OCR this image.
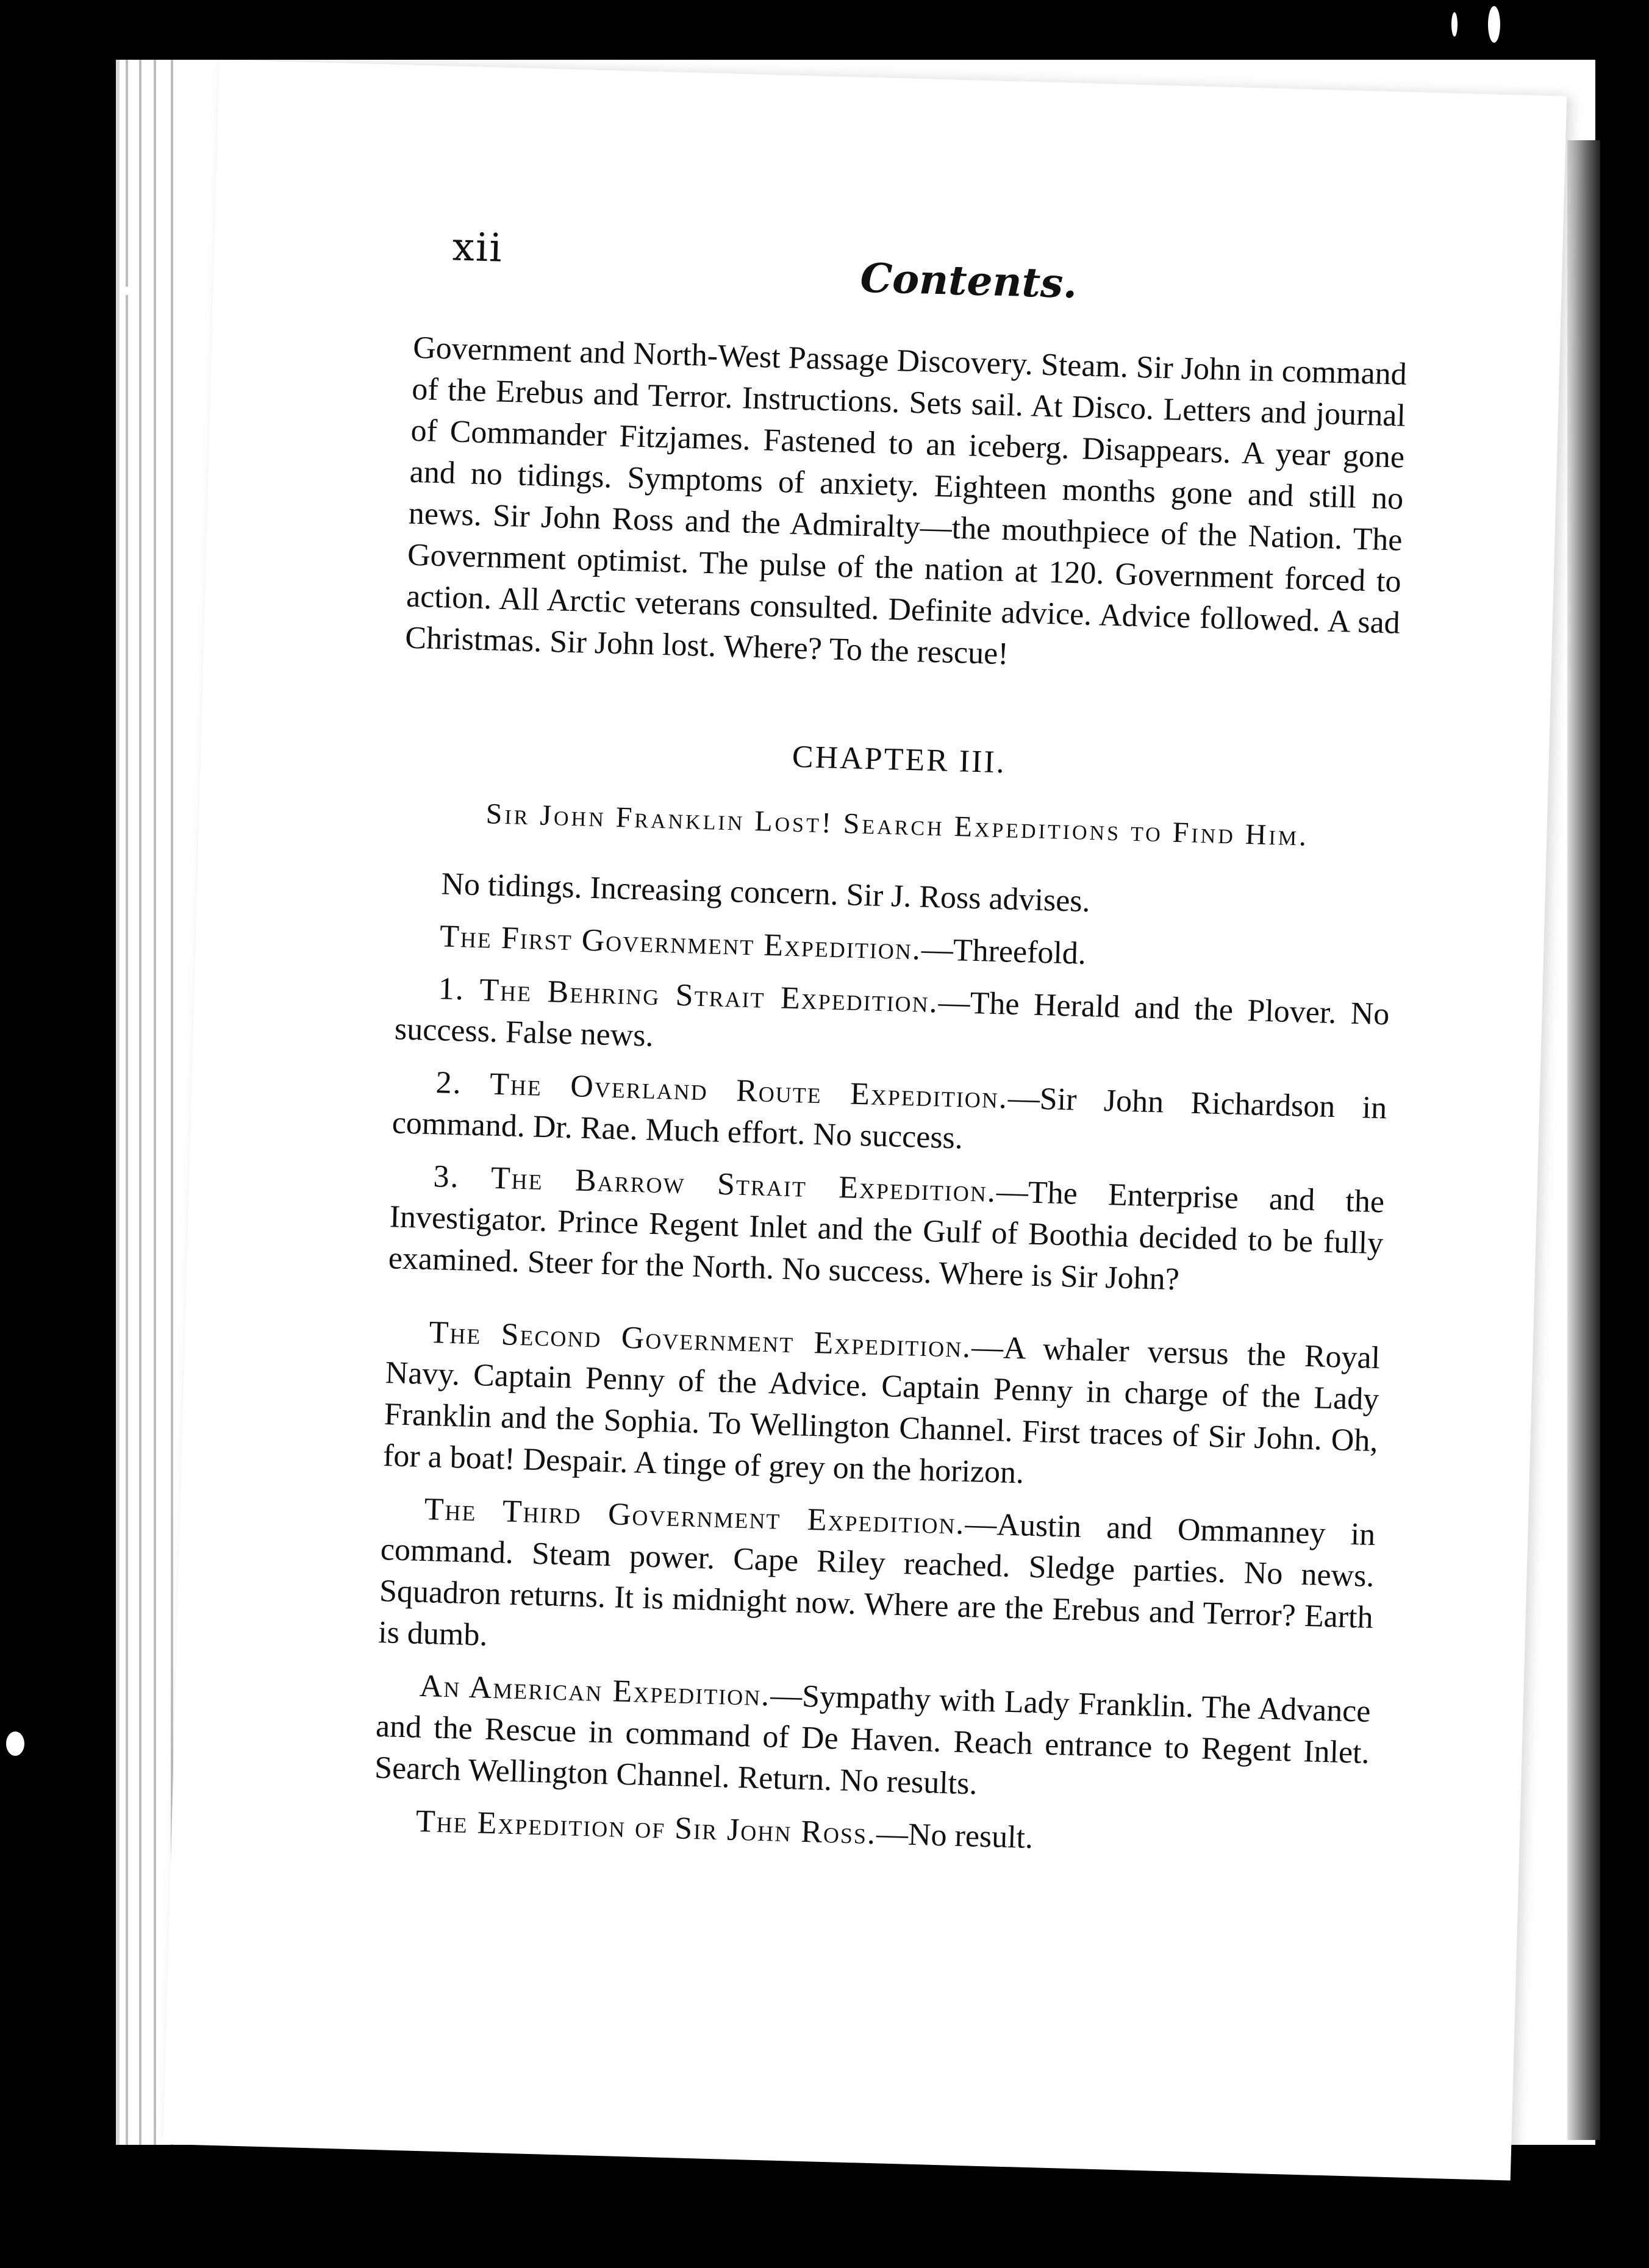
xii
Contents.

Government and North-West Passage Discovery. Steam. Sir John in command of the Erebus and Terror. Instructions. Sets sail. At Disco. Letters and journal of Commander Fitzjames. Fastened to an iceberg. Disappears. A year gone and no tidings. Symptoms of anxiety. Eighteen months gone and still no news. Sir John Ross and the Admiralty—the mouthpiece of the Nation. The Government optimist. The pulse of the nation at 120. Government forced to action. All Arctic veterans consulted. Definite advice. Advice followed. A sad Christmas. Sir John lost. Where? To the rescue!

CHAPTER III.
Sir John Franklin Lost! Search Expeditions to Find Him.

No tidings. Increasing concern. Sir J. Ross advises.

The First Government Expedition.—Threefold.

1. The Behring Strait Expedition.—The Herald and the Plover. No success. False news.

2. The Overland Route Expedition.—Sir John Richardson in command. Dr. Rae. Much effort. No success.

3. The Barrow Strait Expedition.—The Enterprise and the Investigator. Prince Regent Inlet and the Gulf of Boothia decided to be fully examined. Steer for the North. No success. Where is Sir John?

The Second Government Expedition.—A whaler versus the Royal Navy. Captain Penny of the Advice. Captain Penny in charge of the Lady Franklin and the Sophia. To Wellington Channel. First traces of Sir John. Oh, for a boat! Despair. A tinge of grey on the horizon.

The Third Government Expedition.—Austin and Ommanney in command. Steam power. Cape Riley reached. Sledge parties. No news. Squadron returns. It is midnight now. Where are the Erebus and Terror? Earth is dumb.

An American Expedition.—Sympathy with Lady Franklin. The Advance and the Rescue in command of De Haven. Reach entrance to Regent Inlet. Search Wellington Channel. Return. No results.

The Expedition of Sir John Ross.—No result.
